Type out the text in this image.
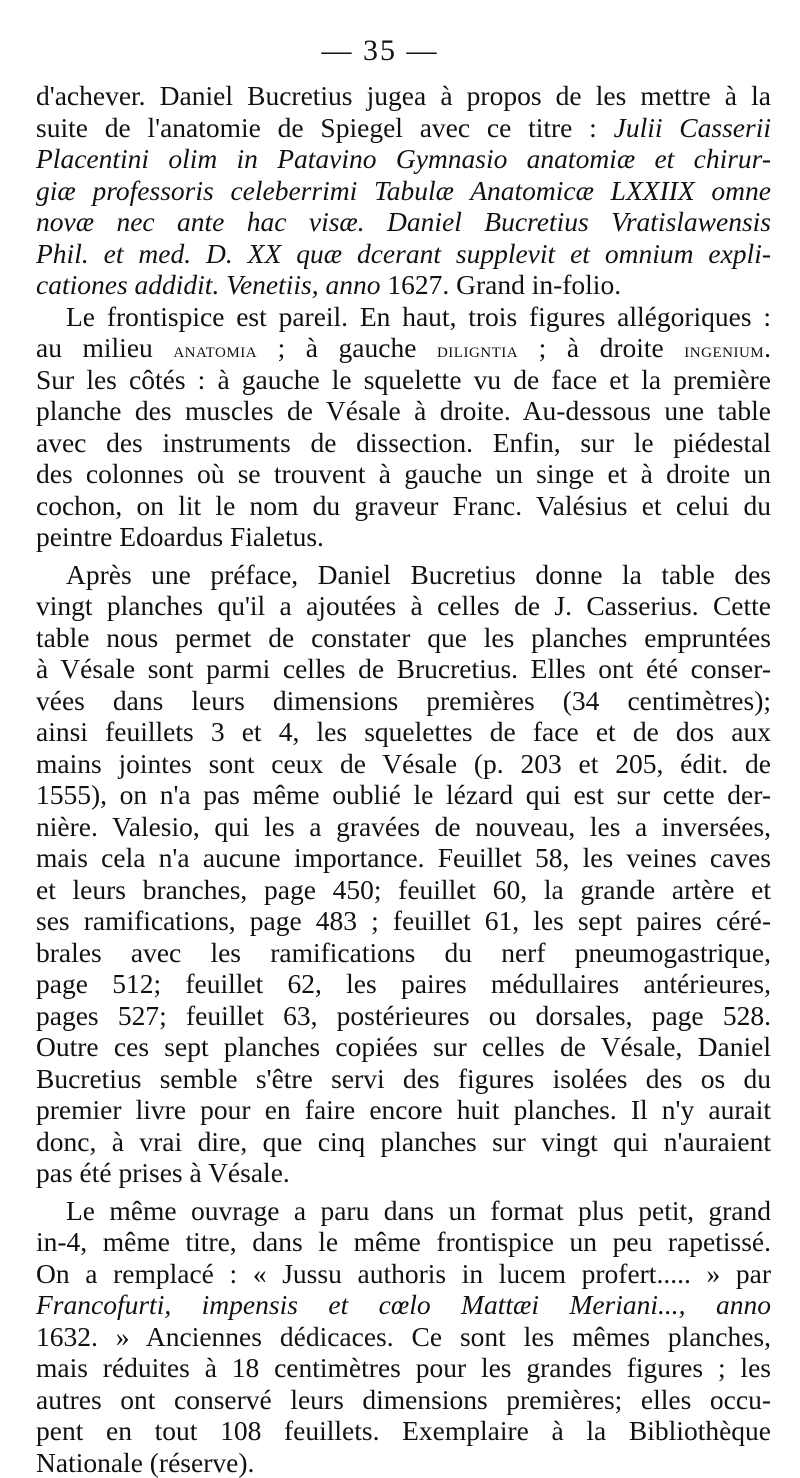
— 35 —
d'achever. Daniel Bucretius jugea à propos de les mettre à la
suite de l'anatomie de Spiegel avec ce titre : Julii Casserii
Placentini olim in Patavino Gymnasio anatomiæ et chirur-
giæ professoris celeberrimi Tabulæ Anatomicæ LXXIIX omne
novæ nec ante hac visæ. Daniel Bucretius Vratislawensis
Phil. et med. D. XX quæ dcerant supplevit et omnium expli-
cationes addidit. Venetiis, anno 1627. Grand in-folio.
Le frontispice est pareil. En haut, trois figures allégoriques :
au milieu anatomia ; à gauche diligntia ; à droite ingenium.
Sur les côtés : à gauche le squelette vu de face et la première
planche des muscles de Vésale à droite. Au-dessous une table
avec des instruments de dissection. Enfin, sur le piédestal
des colonnes où se trouvent à gauche un singe et à droite un
cochon, on lit le nom du graveur Franc. Valésius et celui du
peintre Edoardus Fialetus.
Après une préface, Daniel Bucretius donne la table des
vingt planches qu'il a ajoutées à celles de J. Casserius. Cette
table nous permet de constater que les planches empruntées
à Vésale sont parmi celles de Brucretius. Elles ont été conser-
vées dans leurs dimensions premières (34 centimètres);
ainsi feuillets 3 et 4, les squelettes de face et de dos aux
mains jointes sont ceux de Vésale (p. 203 et 205, édit. de
1555), on n'a pas même oublié le lézard qui est sur cette der-
nière. Valesio, qui les a gravées de nouveau, les a inversées,
mais cela n'a aucune importance. Feuillet 58, les veines caves
et leurs branches, page 450; feuillet 60, la grande artère et
ses ramifications, page 483 ; feuillet 61, les sept paires céré-
brales avec les ramifications du nerf pneumogastrique,
page 512; feuillet 62, les paires médullaires antérieures,
pages 527; feuillet 63, postérieures ou dorsales, page 528.
Outre ces sept planches copiées sur celles de Vésale, Daniel
Bucretius semble s'être servi des figures isolées des os du
premier livre pour en faire encore huit planches. Il n'y aurait
donc, à vrai dire, que cinq planches sur vingt qui n'auraient
pas été prises à Vésale.
Le même ouvrage a paru dans un format plus petit, grand
in-4, même titre, dans le même frontispice un peu rapetissé.
On a remplacé : « Jussu authoris in lucem profert..... » par
Francofurti, impensis et cœlo Mattæi Meriani..., anno
1632. » Anciennes dédicaces. Ce sont les mêmes planches,
mais réduites à 18 centimètres pour les grandes figures ; les
autres ont conservé leurs dimensions premières; elles occu-
pent en tout 108 feuillets. Exemplaire à la Bibliothèque
Nationale (réserve).
